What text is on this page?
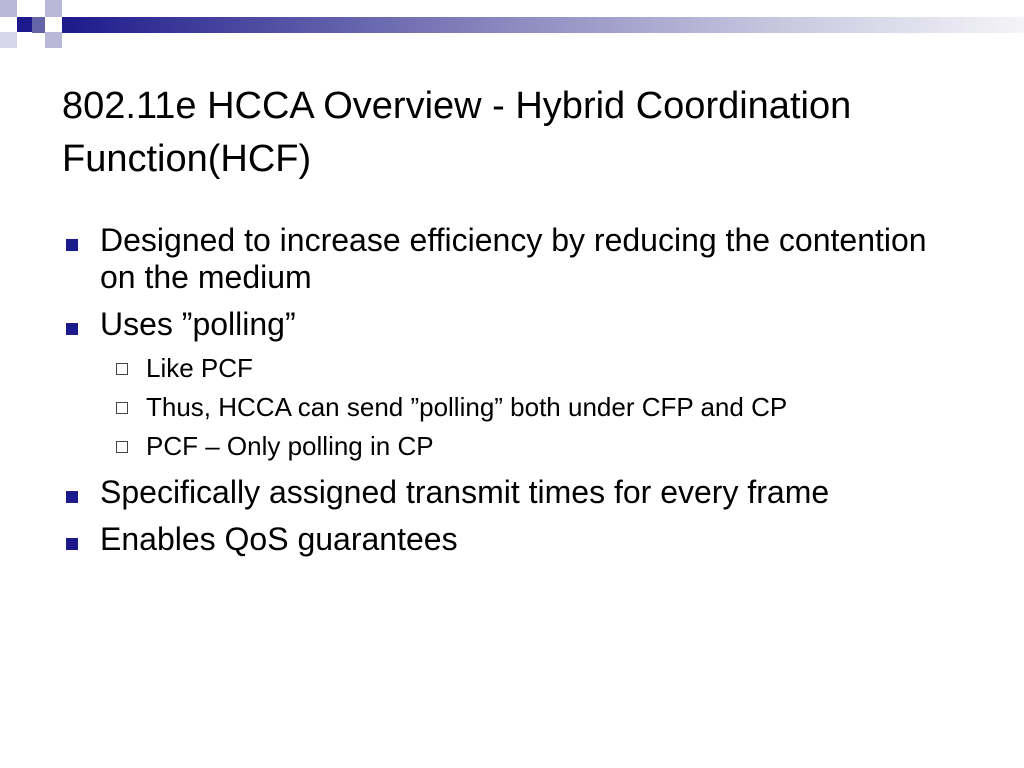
802.11e HCCA Overview - Hybrid Coordination Function(HCF)
Designed to increase efficiency by reducing the contention on the medium
Uses ”polling”
Like PCF
Thus, HCCA can send ”polling” both under CFP and CP
PCF – Only polling in CP
Specifically assigned transmit times for every frame
Enables QoS guarantees
